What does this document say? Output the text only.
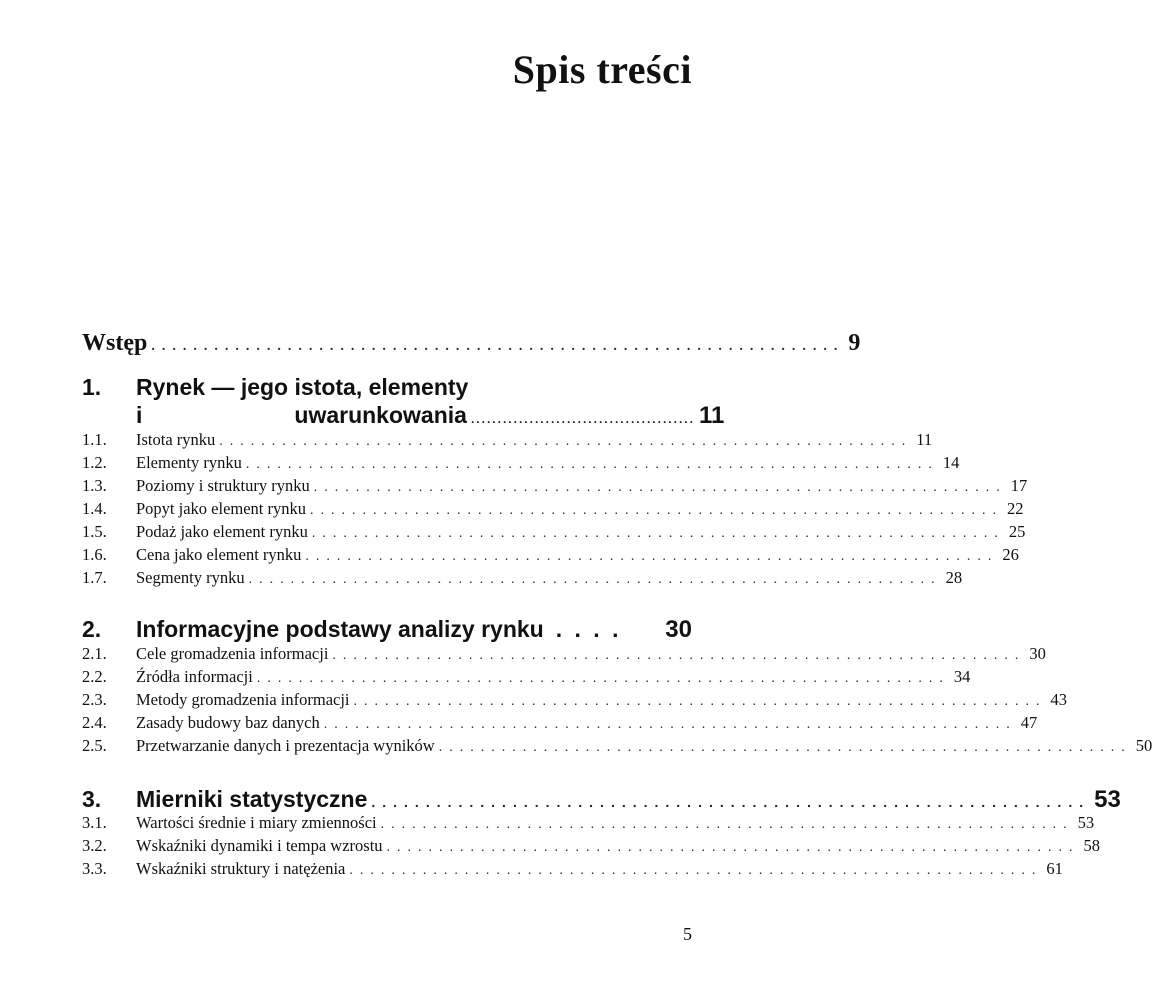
Spis treści
Wstęp .................................................................. 9
1.	Rynek — jego istota, elementy
i	uwarunkowania .......................................... 11
1.1.	Istota rynku .................................................................. 11
1.2.	Elementy rynku .................................................................. 14
1.3.	Poziomy i struktury rynku .................................................................. 17
1.4.	Popyt jako element rynku .................................................................. 22
1.5.	Podaż jako element rynku .................................................................. 25
1.6.	Cena jako element rynku .................................................................. 26
1.7.	Segmenty rynku .................................................................. 28
2.	Informacyjne podstawy analizy rynku . . . . 30
2.1.	Cele gromadzenia informacji .................................................................. 30
2.2.	Źródła informacji .................................................................. 34
2.3.	Metody gromadzenia informacji .................................................................. 43
2.4.	Zasady budowy baz danych .................................................................. 47
2.5.	Przetwarzanie danych i prezentacja wyników .................................................................. 50
3.	Mierniki statystyczne .................................................................. 53
3.1.	Wartości średnie i miary zmienności .................................................................. 53
3.2.	Wskaźniki dynamiki i tempa wzrostu .................................................................. 58
3.3.	Wskaźniki struktury i natężenia .................................................................. 61
5
